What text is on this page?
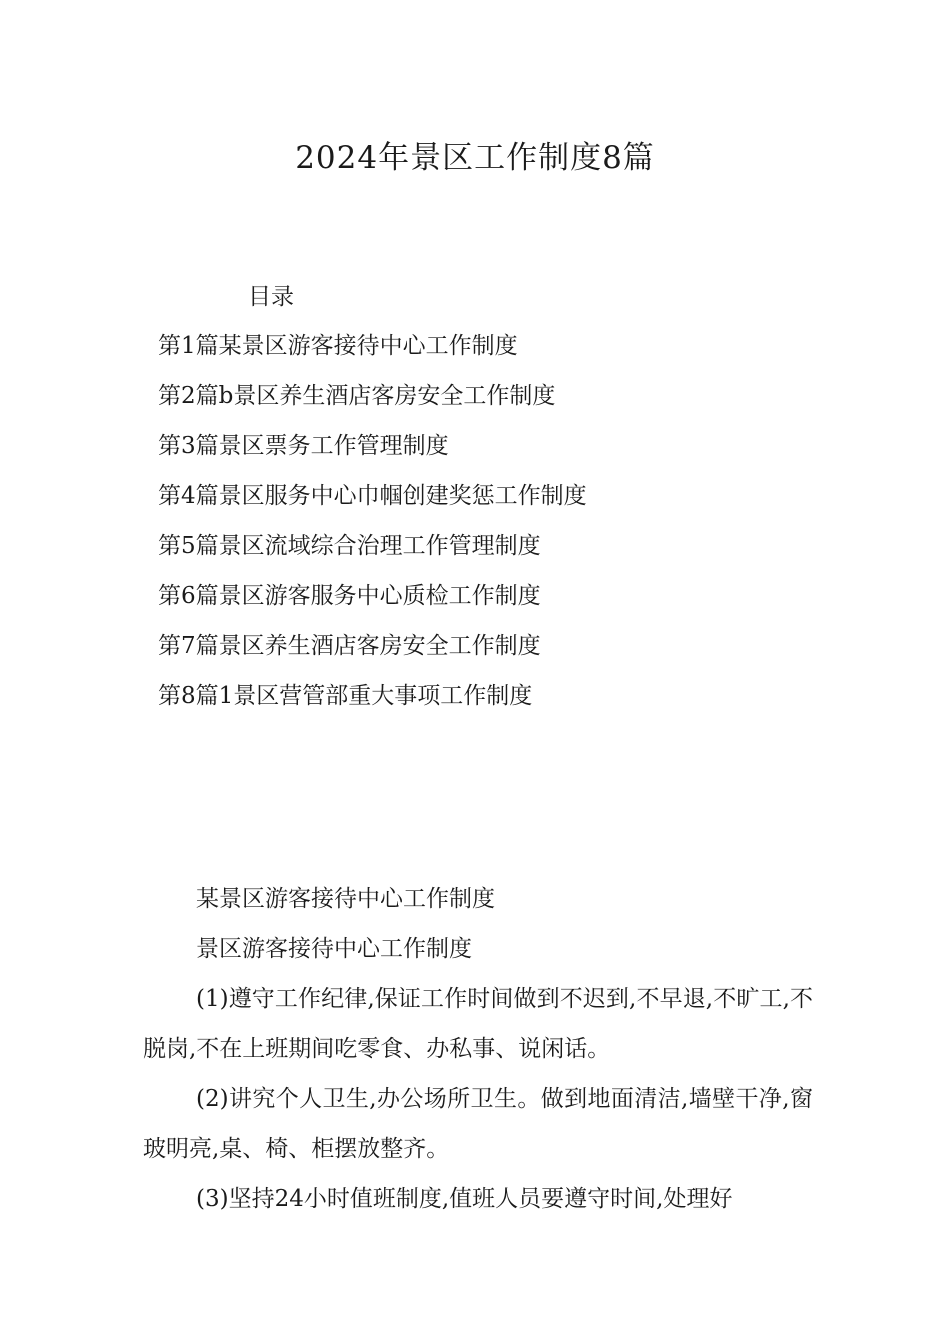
2024年景区工作制度8篇
目录
第1篇某景区游客接待中心工作制度
第2篇b景区养生酒店客房安全工作制度
第3篇景区票务工作管理制度
第4篇景区服务中心巾帼创建奖惩工作制度
第5篇景区流域综合治理工作管理制度
第6篇景区游客服务中心质检工作制度
第7篇景区养生酒店客房安全工作制度
第8篇1景区营管部重大事项工作制度

某景区游客接待中心工作制度

景区游客接待中心工作制度

(1)遵守工作纪律,保证工作时间做到不迟到,不早退,不旷工,不脱岗,不在上班期间吃零食、办私事、说闲话。

(2)讲究个人卫生,办公场所卫生。做到地面清洁,墙壁干净,窗玻明亮,桌、椅、柜摆放整齐。

(3)坚持24小时值班制度,值班人员要遵守时间,处理好
